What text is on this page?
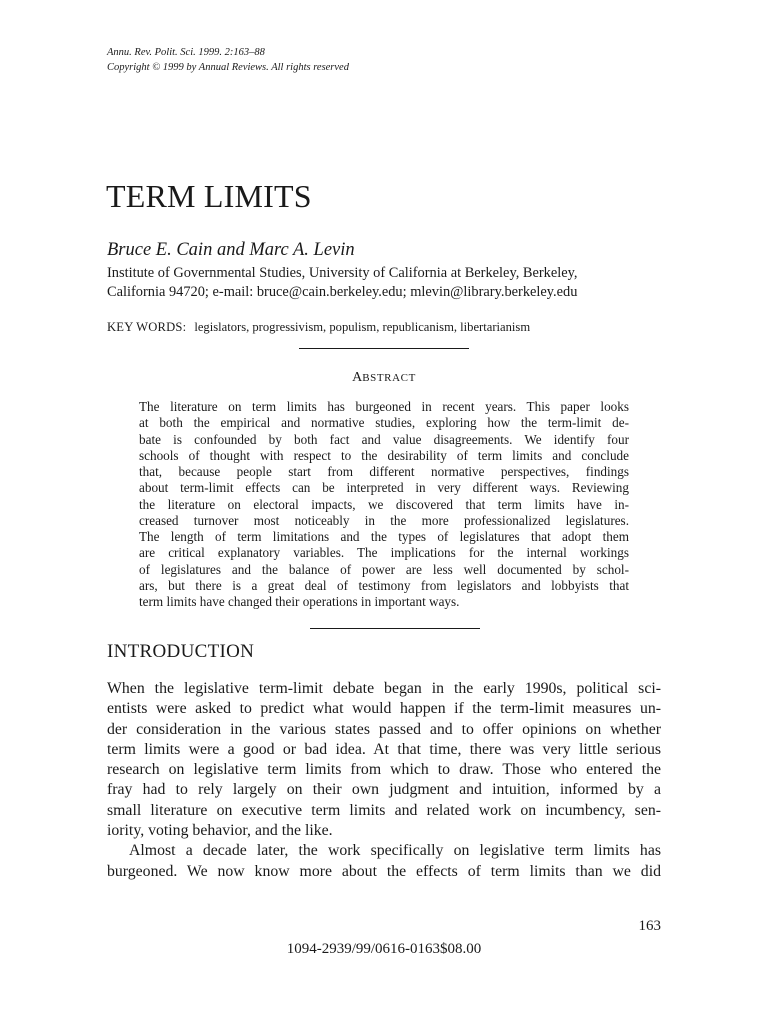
Annu. Rev. Polit. Sci. 1999. 2:163–88
Copyright © 1999 by Annual Reviews. All rights reserved
TERM LIMITS
Bruce E. Cain and Marc A. Levin
Institute of Governmental Studies, University of California at Berkeley, Berkeley,
California 94720; e-mail: bruce@cain.berkeley.edu; mlevin@library.berkeley.edu
KEY WORDS: legislators, progressivism, populism, republicanism, libertarianism
ABSTRACT
The literature on term limits has burgeoned in recent years. This paper looks
at both the empirical and normative studies, exploring how the term-limit de-
bate is confounded by both fact and value disagreements. We identify four
schools of thought with respect to the desirability of term limits and conclude
that, because people start from different normative perspectives, findings
about term-limit effects can be interpreted in very different ways. Reviewing
the literature on electoral impacts, we discovered that term limits have in-
creased turnover most noticeably in the more professionalized legislatures.
The length of term limitations and the types of legislatures that adopt them
are critical explanatory variables. The implications for the internal workings
of legislatures and the balance of power are less well documented by schol-
ars, but there is a great deal of testimony from legislators and lobbyists that
term limits have changed their operations in important ways.
INTRODUCTION
When the legislative term-limit debate began in the early 1990s, political sci-
entists were asked to predict what would happen if the term-limit measures un-
der consideration in the various states passed and to offer opinions on whether
term limits were a good or bad idea. At that time, there was very little serious
research on legislative term limits from which to draw. Those who entered the
fray had to rely largely on their own judgment and intuition, informed by a
small literature on executive term limits and related work on incumbency, sen-
iority, voting behavior, and the like.
Almost a decade later, the work specifically on legislative term limits has
burgeoned. We now know more about the effects of term limits than we did
163
1094-2939/99/0616-0163$08.00
